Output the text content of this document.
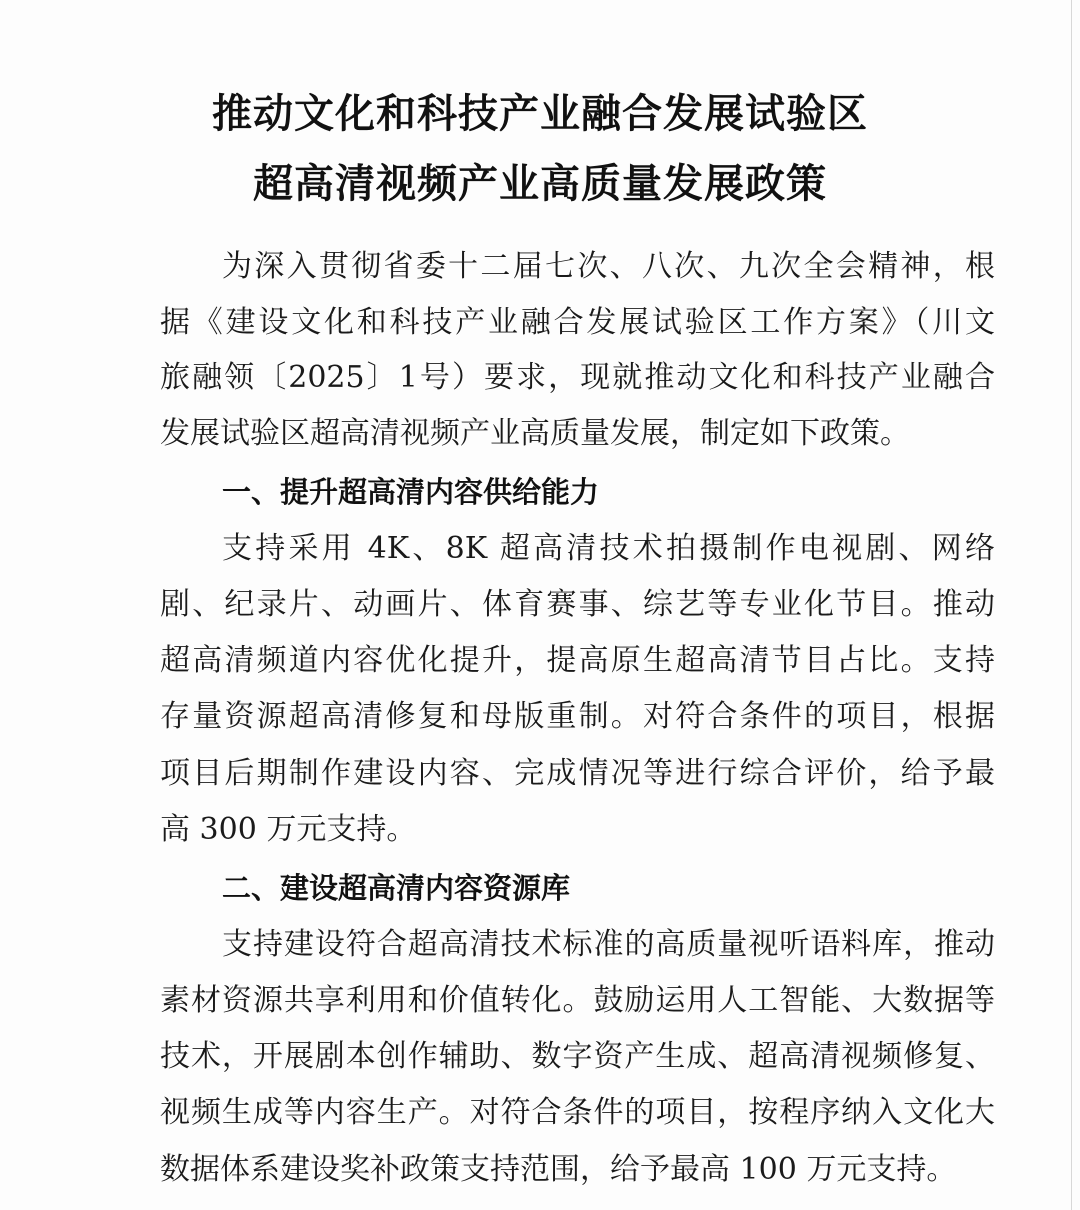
推动文化和科技产业融合发展试验区
超高清视频产业高质量发展政策
为深入贯彻省委十二届七次、八次、九次全会精神，根
据《建设文化和科技产业融合发展试验区工作方案》（川文
旅融领〔2025〕1号）要求，现就推动文化和科技产业融合
发展试验区超高清视频产业高质量发展，制定如下政策。
一、提升超高清内容供给能力
支持采用 4K、8K 超高清技术拍摄制作电视剧、网络
剧、纪录片、动画片、体育赛事、综艺等专业化节目。推动
超高清频道内容优化提升，提高原生超高清节目占比。支持
存量资源超高清修复和母版重制。对符合条件的项目，根据
项目后期制作建设内容、完成情况等进行综合评价，给予最
高 300 万元支持。
二、建设超高清内容资源库
支持建设符合超高清技术标准的高质量视听语料库，推动
素材资源共享利用和价值转化。鼓励运用人工智能、大数据等
技术，开展剧本创作辅助、数字资产生成、超高清视频修复、
视频生成等内容生产。对符合条件的项目，按程序纳入文化大
数据体系建设奖补政策支持范围，给予最高 100 万元支持。
